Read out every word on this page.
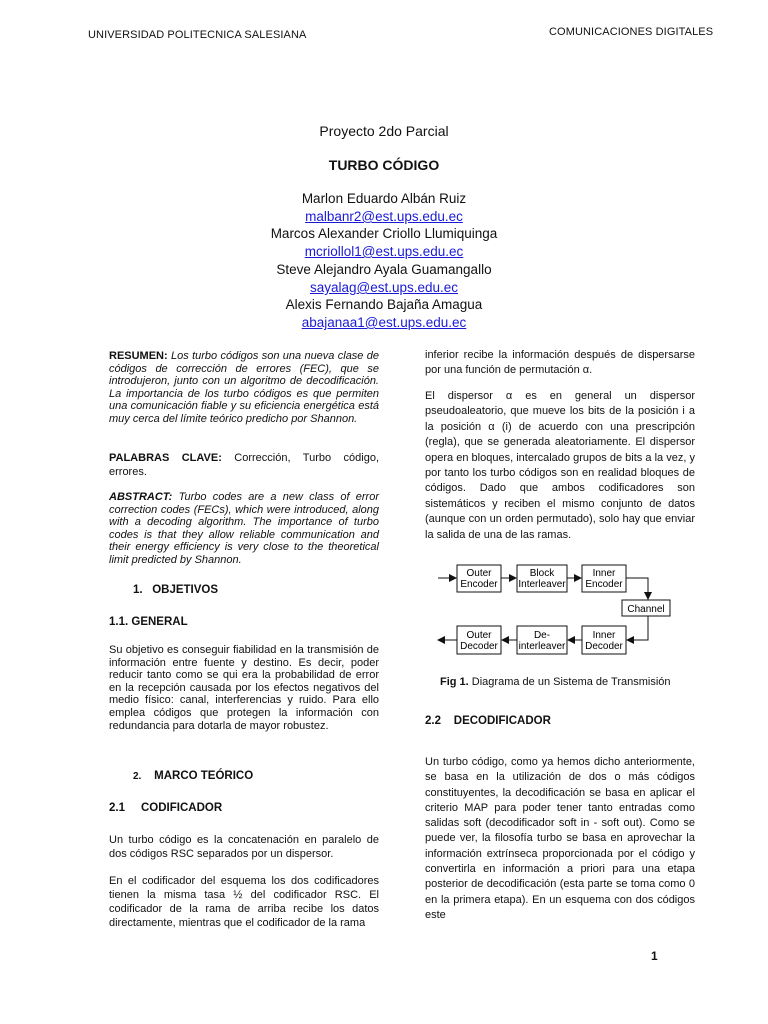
UNIVERSIDAD POLITECNICA SALESIANA	COMUNICACIONES DIGITALES
Proyecto 2do Parcial
TURBO CÓDIGO
Marlon Eduardo Albán Ruiz
malbanr2@est.ups.edu.ec
Marcos Alexander Criollo Llumiquinga
mcriollol1@est.ups.edu.ec
Steve Alejandro Ayala Guamangallo
sayalag@est.ups.edu.ec
Alexis Fernando Bajaña Amagua
abajanaa1@est.ups.edu.ec
RESUMEN: Los turbo códigos son una nueva clase de códigos de corrección de errores (FEC), que se introdujeron, junto con un algoritmo de decodificación. La importancia de los turbo códigos es que permiten una comunicación fiable y su eficiencia energética está muy cerca del límite teórico predicho por Shannon.
PALABRAS CLAVE: Corrección, Turbo código, errores.
ABSTRACT: Turbo codes are a new class of error correction codes (FECs), which were introduced, along with a decoding algorithm. The importance of turbo codes is that they allow reliable communication and their energy efficiency is very close to the theoretical limit predicted by Shannon.
1. OBJETIVOS
1.1. GENERAL
Su objetivo es conseguir fiabilidad en la transmisión de información entre fuente y destino. Es decir, poder reducir tanto como se qui era la probabilidad de error en la recepción causada por los efectos negativos del medio físico: canal, interferencias y ruido. Para ello emplea códigos que protegen la información con redundancia para dotarla de mayor robustez.
2. MARCO TEÓRICO
2.1 CODIFICADOR
Un turbo código es la concatenación en paralelo de dos códigos RSC separados por un dispersor.
En el codificador del esquema los dos codificadores tienen la misma tasa ½ del codificador RSC. El codificador de la rama de arriba recibe los datos directamente, mientras que el codificador de la rama
inferior recibe la información después de dispersarse por una función de permutación α.
El dispersor α es en general un dispersor pseudoaleatorio, que mueve los bits de la posición i a la posición α (i) de acuerdo con una prescripción (regla), que se generada aleatoriamente. El dispersor opera en bloques, intercalado grupos de bits a la vez, y por tanto los turbo códigos son en realidad bloques de códigos. Dado que ambos codificadores son sistemáticos y reciben el mismo conjunto de datos (aunque con un orden permutado), solo hay que enviar la salida de una de las ramas.
Outer
Encoder
Block
Interleaver
Inner
Encoder
Channel
Inner
Decoder
De-
interleaver
Outer
Decoder
Fig 1. Diagrama de un Sistema de Transmisión
2.2 DECODIFICADOR
Un turbo código, como ya hemos dicho anteriormente, se basa en la utilización de dos o más códigos constituyentes, la decodificación se basa en aplicar el criterio MAP para poder tener tanto entradas como salidas soft (decodificador soft in - soft out). Como se puede ver, la filosofía turbo se basa en aprovechar la información extrínseca proporcionada por el código y convertirla en información a priori para una etapa posterior de decodificación (esta parte se toma como 0 en la primera etapa). En un esquema con dos códigos este
1
